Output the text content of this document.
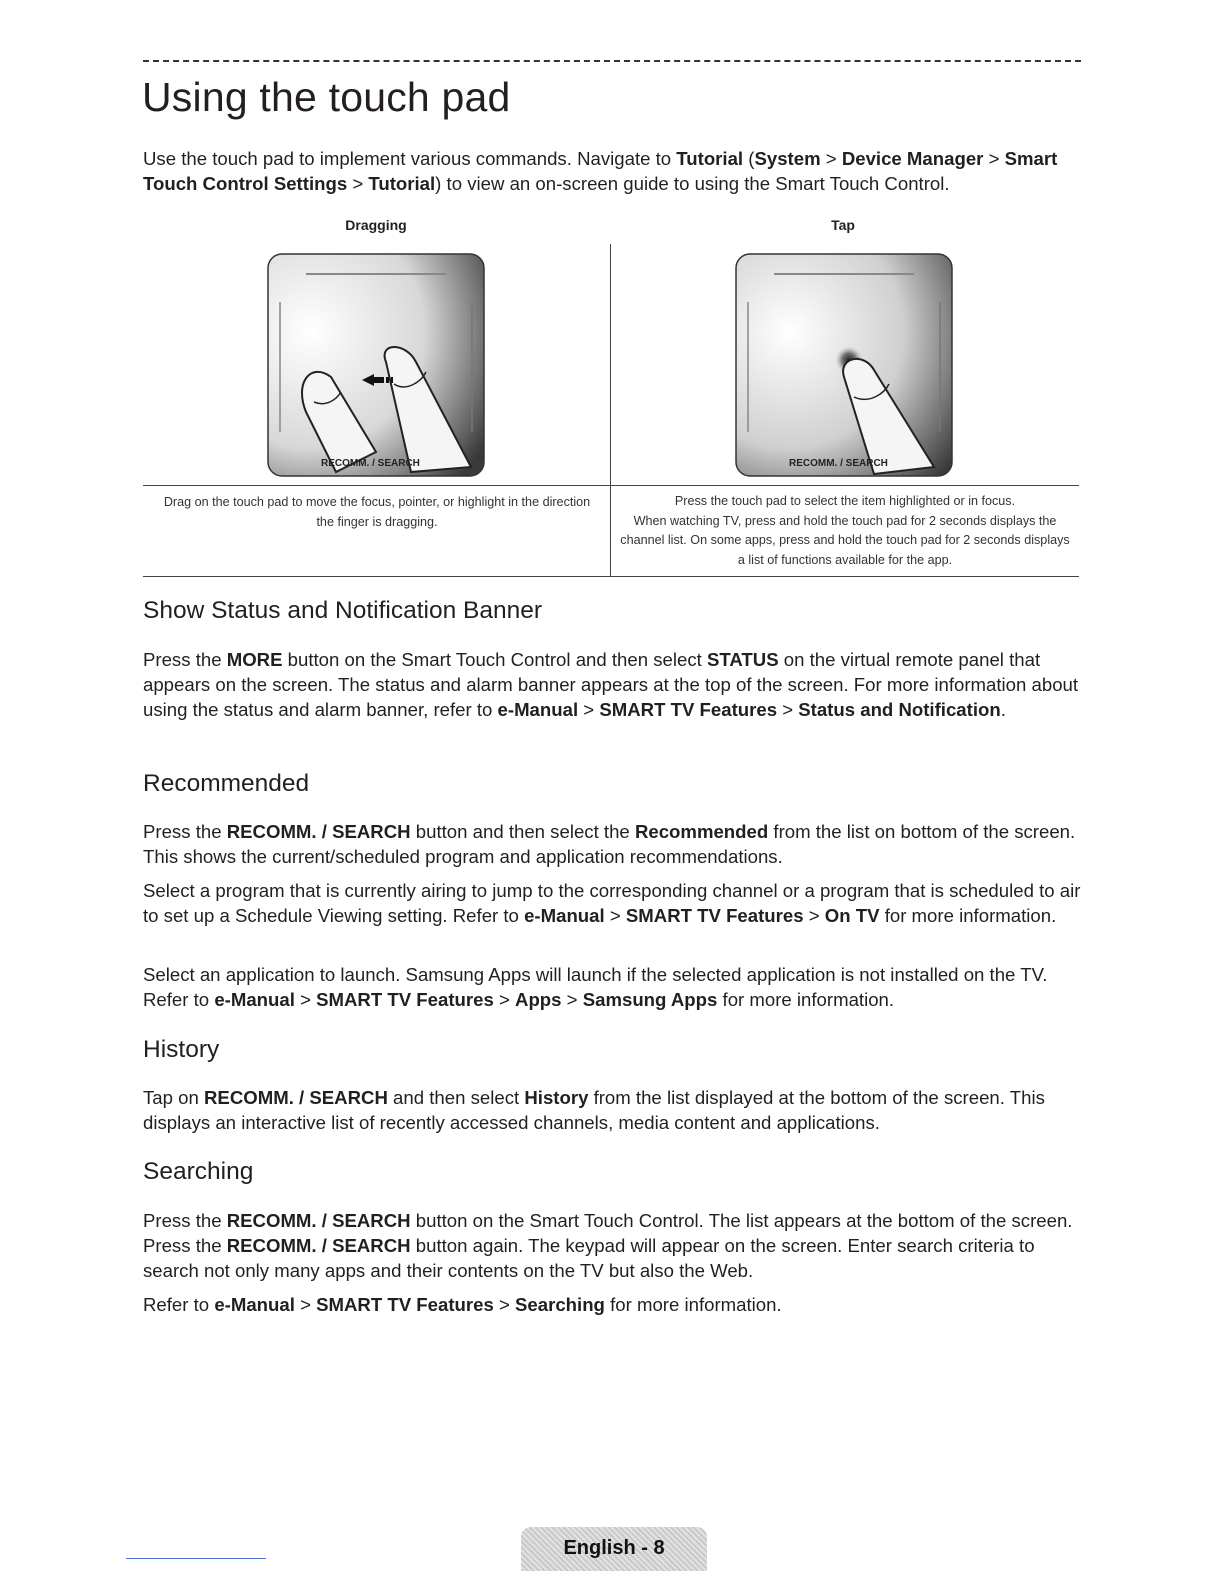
Using the touch pad

Use the touch pad to implement various commands. Navigate to Tutorial (System > Device Manager > Smart Touch Control Settings > Tutorial) to view an on-screen guide to using the Smart Touch Control.

Dragging	Tap
RECOMM. / SEARCH	RECOMM. / SEARCH
Drag on the touch pad to move the focus, pointer, or highlight in the direction the finger is dragging.
Press the touch pad to select the item highlighted or in focus.
When watching TV, press and hold the touch pad for 2 seconds displays the channel list. On some apps, press and hold the touch pad for 2 seconds displays a list of functions available for the app.
Show Status and Notification Banner

Press the MORE button on the Smart Touch Control and then select STATUS on the virtual remote panel that appears on the screen. The status and alarm banner appears at the top of the screen. For more information about using the status and alarm banner, refer to e-Manual > SMART TV Features > Status and Notification.

Recommended

Press the RECOMM. / SEARCH button and then select the Recommended from the list on bottom of the screen. This shows the current/scheduled program and application recommendations.

Select a program that is currently airing to jump to the corresponding channel or a program that is scheduled to air to set up a Schedule Viewing setting. Refer to e-Manual > SMART TV Features > On TV for more information.

Select an application to launch. Samsung Apps will launch if the selected application is not installed on the TV. Refer to e-Manual > SMART TV Features > Apps > Samsung Apps for more information.

History

Tap on RECOMM. / SEARCH and then select History from the list displayed at the bottom of the screen. This displays an interactive list of recently accessed channels, media content and applications.

Searching

Press the RECOMM. / SEARCH button on the Smart Touch Control. The list appears at the bottom of the screen. Press the RECOMM. / SEARCH button again. The keypad will appear on the screen. Enter search criteria to search not only many apps and their contents on the TV but also the Web.

Refer to e-Manual > SMART TV Features > Searching for more information.

English - 8
